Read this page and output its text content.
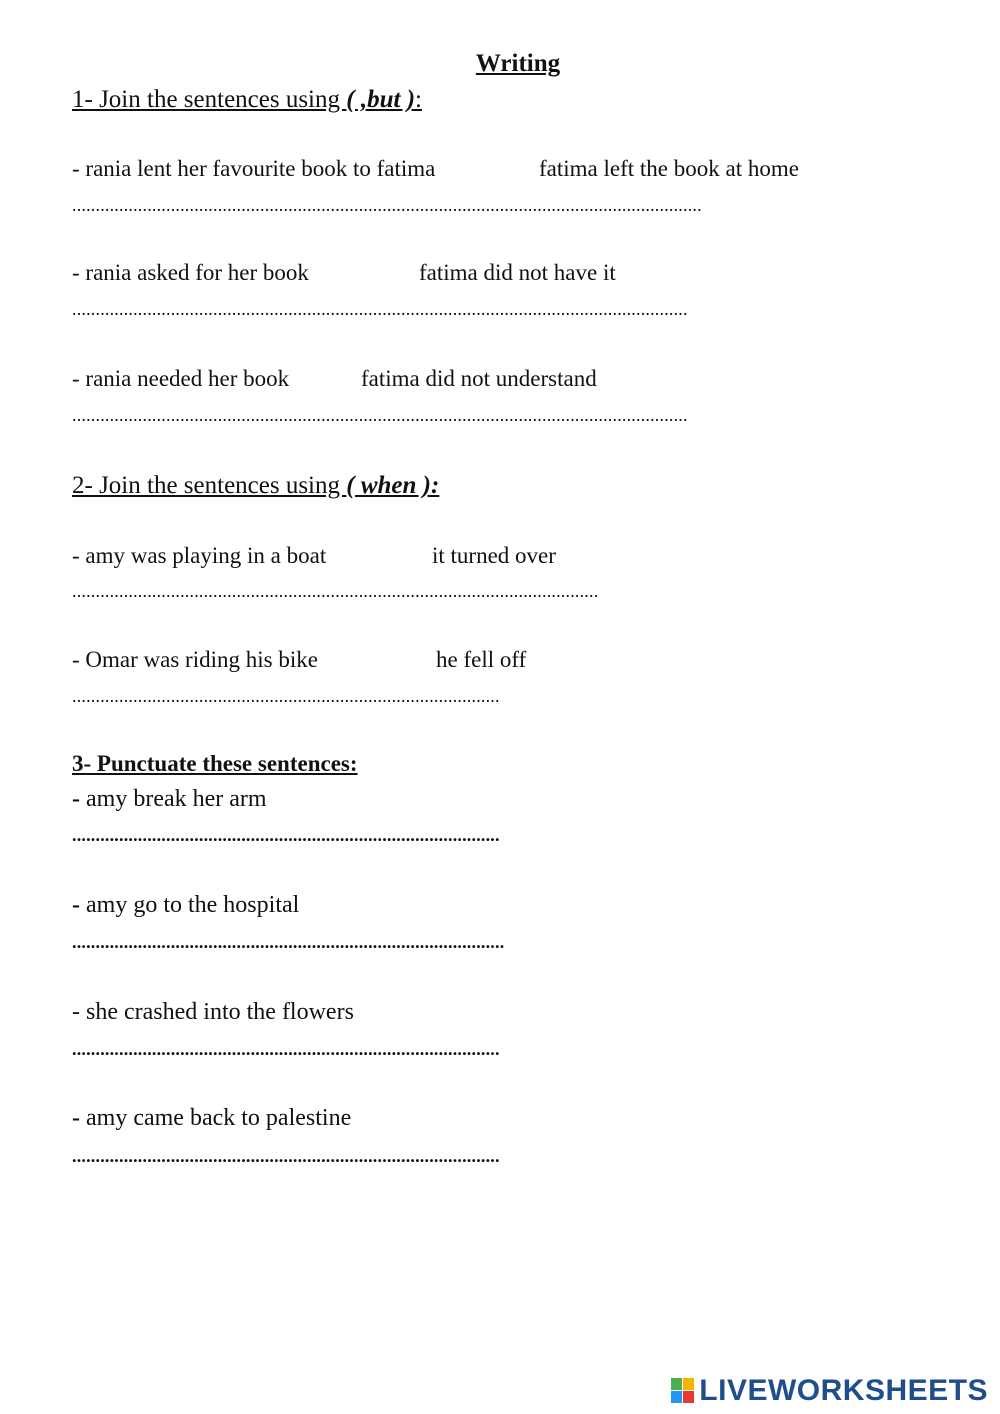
Writing
1- Join the sentences using ( ,but ):
- rania lent her favourite book to fatima	fatima left the book at home
......................................................................................................................................
- rania asked for her book	fatima did not have it
...................................................................................................................................
- rania needed her book	fatima did not understand
...................................................................................................................................
2- Join the sentences using ( when ):
- amy was playing in a boat	it turned over
................................................................................................................
- Omar was riding his bike	he fell off
...........................................................................................
3- Punctuate these sentences:
- amy break her arm
...........................................................................................
- amy go to the hospital
............................................................................................
- she crashed into the flowers
...........................................................................................
- amy came back to palestine
...........................................................................................
LIVEWORKSHEETS
